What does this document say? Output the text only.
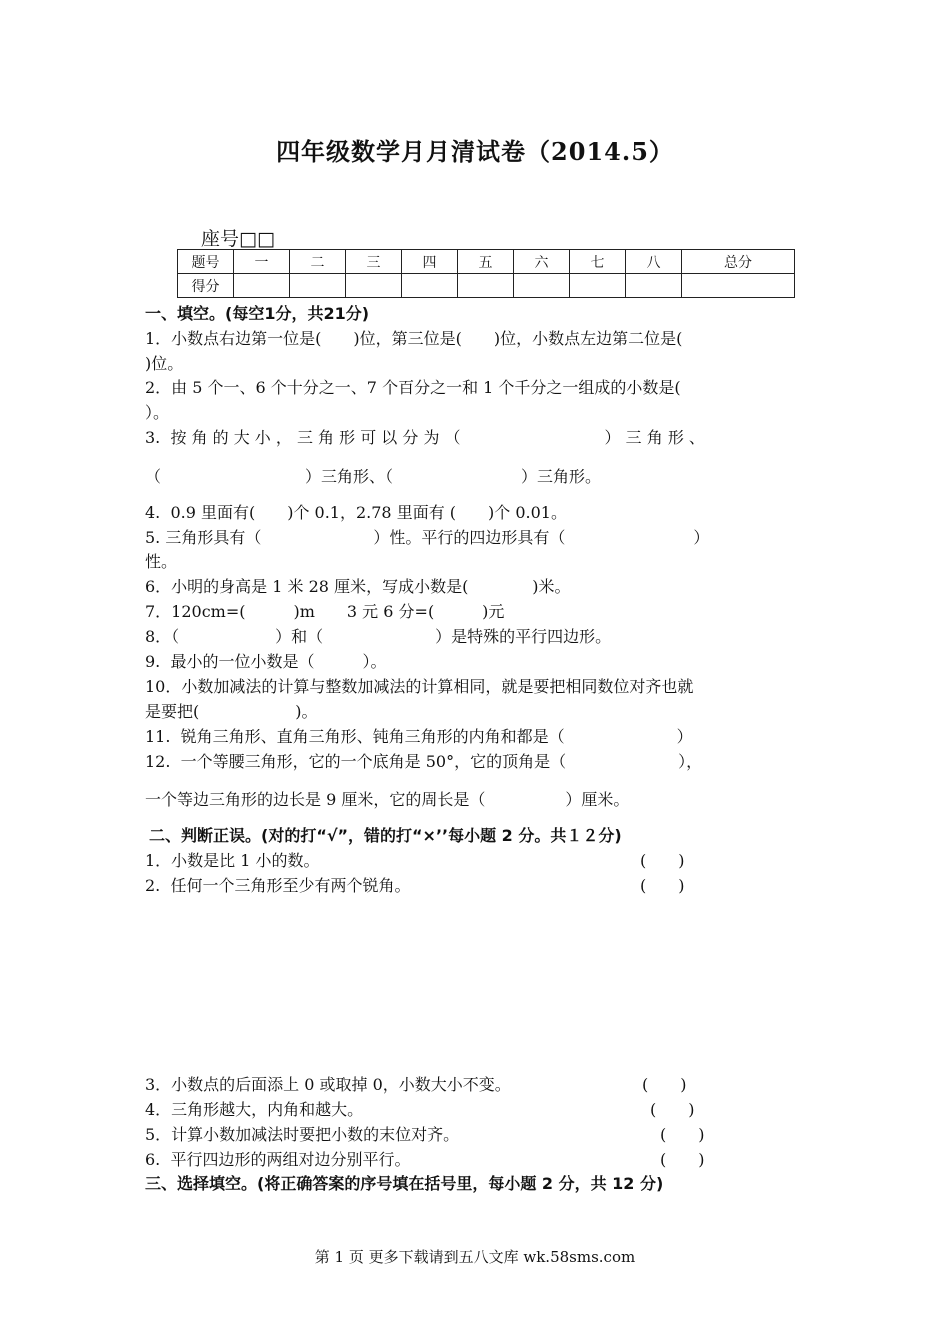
四年级数学月月清试卷（2014.5）
座号□□
题号	一	二	三	四	五	六	七	八	总分
得分									
一、填空。(每空1分，共21分)
1．小数点右边第一位是(　　)位，第三位是(　　)位，小数点左边第二位是(
)位。
2．由 5 个一、6 个十分之一、7 个百分之一和 1 个千分之一组成的小数是(
）。
3.  按 角 的 大 小 ， 三 角 形 可 以 分 为 （　　　　　　　　　） 三 角 形 、
（　　　　　　　　　）三角形、（　　　　　　　　）三角形。
4.  0.9 里面有(　　)个 0.1，2.78 里面有 (　　)个 0.01。
5. 三角形具有（　　　　　　　）性。平行的四边形具有（　　　　　　　　）
性。
6．小明的身高是 1 米 28 厘米，写成小数是(　　　　)米。
7．120cm=(　　　)m　　3 元 6 分=(　　　)元
8．（　　　　　　）和（　　　　　　　）是特殊的平行四边形。
9.  最小的一位小数是（　　　）。
10．小数加减法的计算与整数加减法的计算相同，就是要把相同数位对齐也就
是要把(　　　　　　)。
11.  锐角三角形、直角三角形、钝角三角形的内角和都是（　　　　　　　）
12.  一个等腰三角形，它的一个底角是 50°，它的顶角是（　　　　　　　），
一个等边三角形的边长是 9 厘米，它的周长是（　　　　　）厘米。
二、判断正误。(对的打“√”，错的打“×’’每小题 2 分。共１２分)
1．小数是比 1 小的数。	(　　)
2.  任何一个三角形至少有两个锐角。	(　　)
3．小数点的后面添上 0 或取掉 0，小数大小不变。	(　　)
4．三角形越大，内角和越大。	(　　)
5．计算小数加减法时要把小数的末位对齐。	(　　)
6.  平行四边形的两组对边分别平行。	(　　)
三、选择填空。(将正确答案的序号填在括号里，每小题 2 分，共 12 分)
第 1 页 更多下载请到五八文库 wk.58sms.com
